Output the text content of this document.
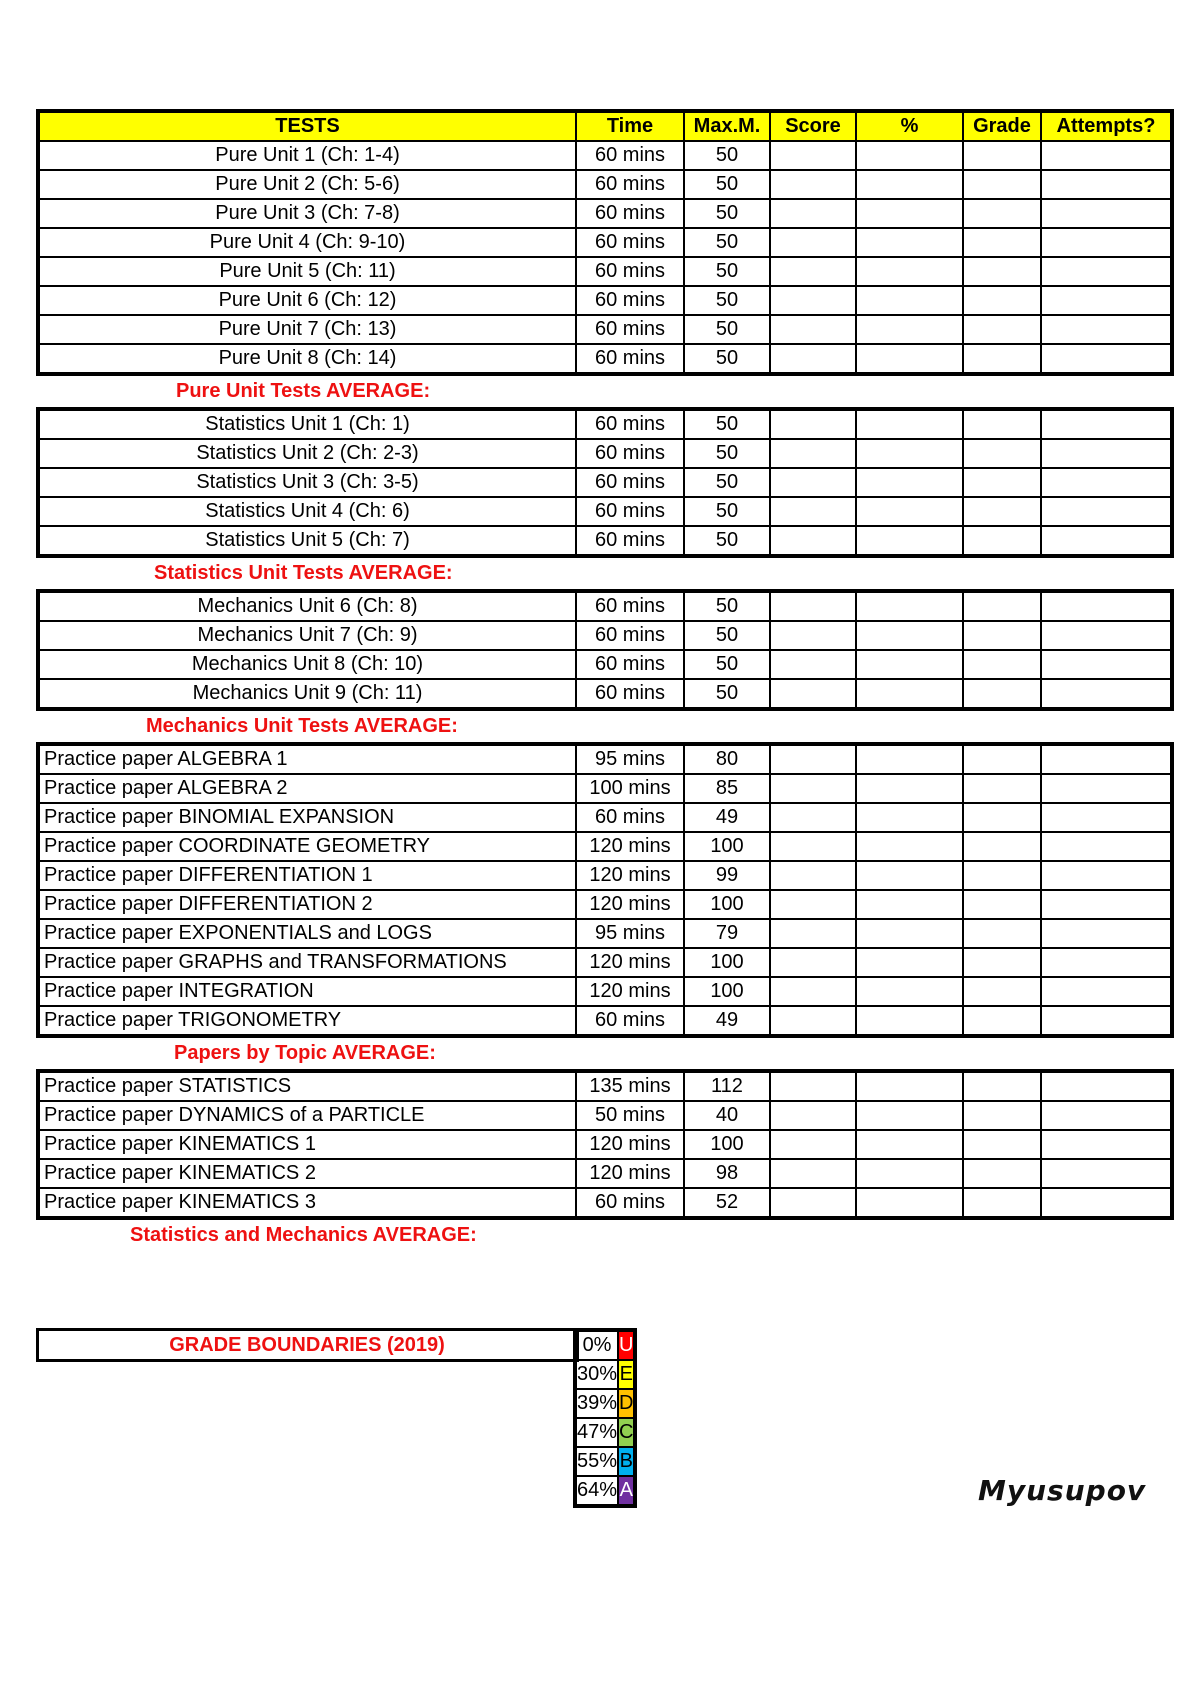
TESTS	Time	Max.M.	Score	%	Grade	Attempts?
Pure Unit 1 (Ch: 1-4)	60 mins	50				
Pure Unit 2 (Ch: 5-6)	60 mins	50				
Pure Unit 3 (Ch: 7-8)	60 mins	50				
Pure Unit 4 (Ch: 9-10)	60 mins	50				
Pure Unit 5 (Ch: 11)	60 mins	50				
Pure Unit 6 (Ch: 12)	60 mins	50				
Pure Unit 7 (Ch: 13)	60 mins	50				
Pure Unit 8 (Ch: 14)	60 mins	50				
Pure Unit Tests AVERAGE:
Statistics Unit 1 (Ch: 1)	60 mins	50				
Statistics Unit 2 (Ch: 2-3)	60 mins	50				
Statistics Unit 3 (Ch: 3-5)	60 mins	50				
Statistics Unit 4 (Ch: 6)	60 mins	50				
Statistics Unit 5 (Ch: 7)	60 mins	50				
Statistics Unit Tests AVERAGE:
Mechanics Unit 6 (Ch: 8)	60 mins	50				
Mechanics Unit 7 (Ch: 9)	60 mins	50				
Mechanics Unit 8 (Ch: 10)	60 mins	50				
Mechanics Unit 9 (Ch: 11)	60 mins	50				
Mechanics Unit Tests AVERAGE:
Practice paper ALGEBRA 1	95 mins	80				
Practice paper ALGEBRA 2	100 mins	85				
Practice paper BINOMIAL EXPANSION	60 mins	49				
Practice paper COORDINATE GEOMETRY	120 mins	100				
Practice paper DIFFERENTIATION 1	120 mins	99				
Practice paper DIFFERENTIATION 2	120 mins	100				
Practice paper EXPONENTIALS and LOGS	95 mins	79				
Practice paper GRAPHS and TRANSFORMATIONS	120 mins	100				
Practice paper INTEGRATION	120 mins	100				
Practice paper TRIGONOMETRY	60 mins	49				
Papers by Topic AVERAGE:
Practice paper STATISTICS	135 mins	112				
Practice paper DYNAMICS of a PARTICLE	50 mins	40				
Practice paper KINEMATICS 1	120 mins	100				
Practice paper KINEMATICS 2	120 mins	98				
Practice paper KINEMATICS 3	60 mins	52				
Statistics and Mechanics AVERAGE:
GRADE BOUNDARIES (2019)	0%	U
30%	E
39%	D
47%	C
55%	B
64%	A	Myusupov
